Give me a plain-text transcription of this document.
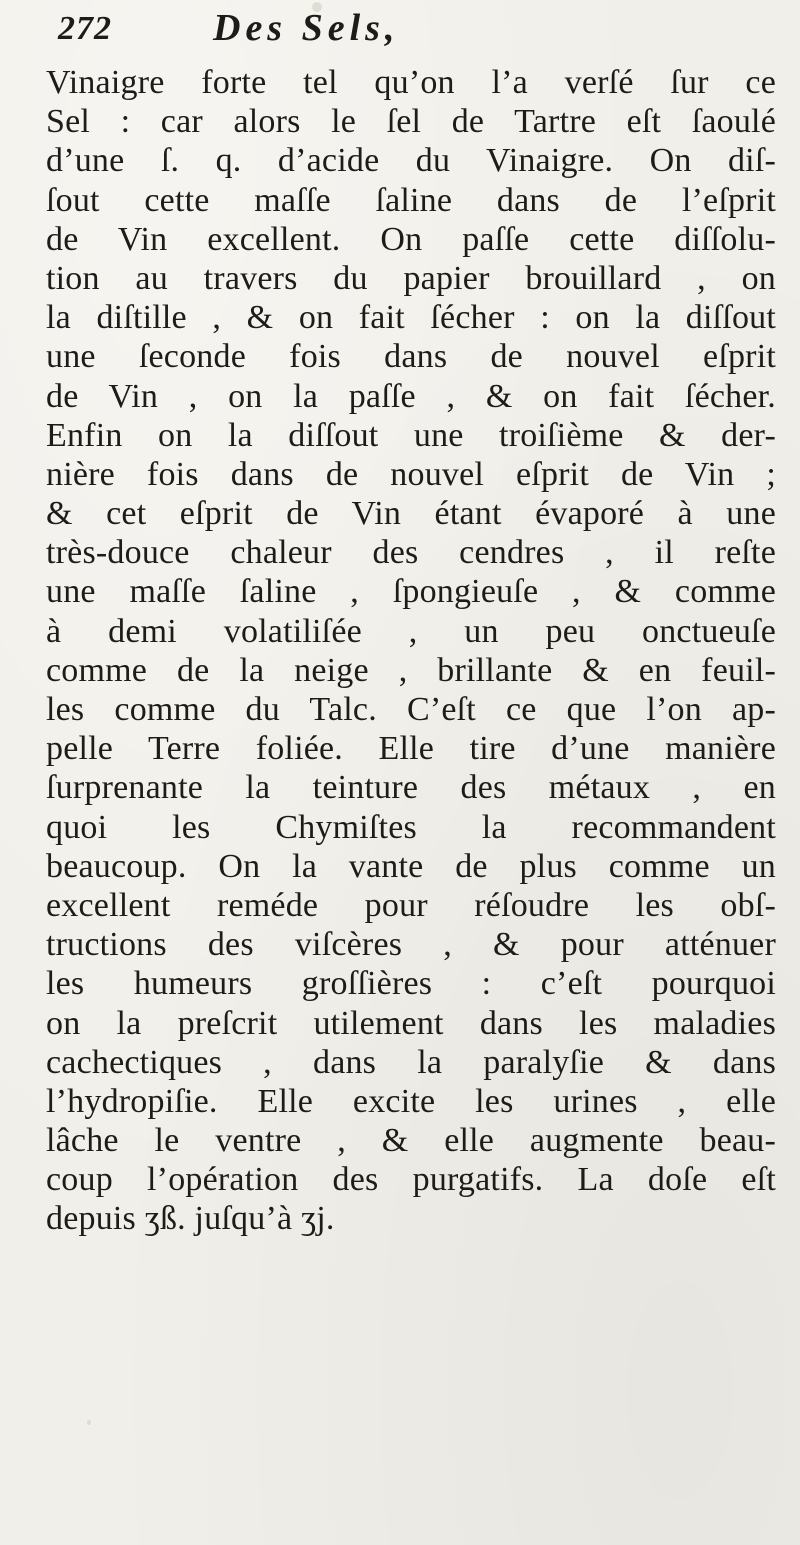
272	Des Sels,
Vinaigre forte tel qu’on l’a verſé ſur ce
Sel : car alors le ſel de Tartre eſt ſaoulé
d’une ſ. q. d’acide du Vinaigre. On diſ-
ſout cette maſſe ſaline dans de l’eſprit
de Vin excellent. On paſſe cette diſſolu-
tion au travers du papier brouillard , on
la diſtille , & on fait ſécher : on la diſſout
une ſeconde fois dans de nouvel eſprit
de Vin , on la paſſe , & on fait ſécher.
Enfin on la diſſout une troiſième & der-
nière fois dans de nouvel eſprit de Vin ;
& cet eſprit de Vin étant évaporé à une
très-douce chaleur des cendres , il reſte
une maſſe ſaline , ſpongieuſe , & comme
à demi volatiliſée , un peu onctueuſe
comme de la neige , brillante & en feuil-
les comme du Talc. C’eſt ce que l’on ap-
pelle Terre foliée. Elle tire d’une manière
ſurprenante la teinture des métaux , en
quoi les Chymiſtes la recommandent
beaucoup. On la vante de plus comme un
excellent reméde pour réſoudre les obſ-
tructions des viſcères , & pour atténuer
les humeurs groſſières : c’eſt pourquoi
on la preſcrit utilement dans les maladies
cachectiques , dans la paralyſie & dans
l’hydropiſie. Elle excite les urines , elle
lâche le ventre , & elle augmente beau-
coup l’opération des purgatifs. La doſe eſt
depuis ʒß. juſqu’à ʒj.
